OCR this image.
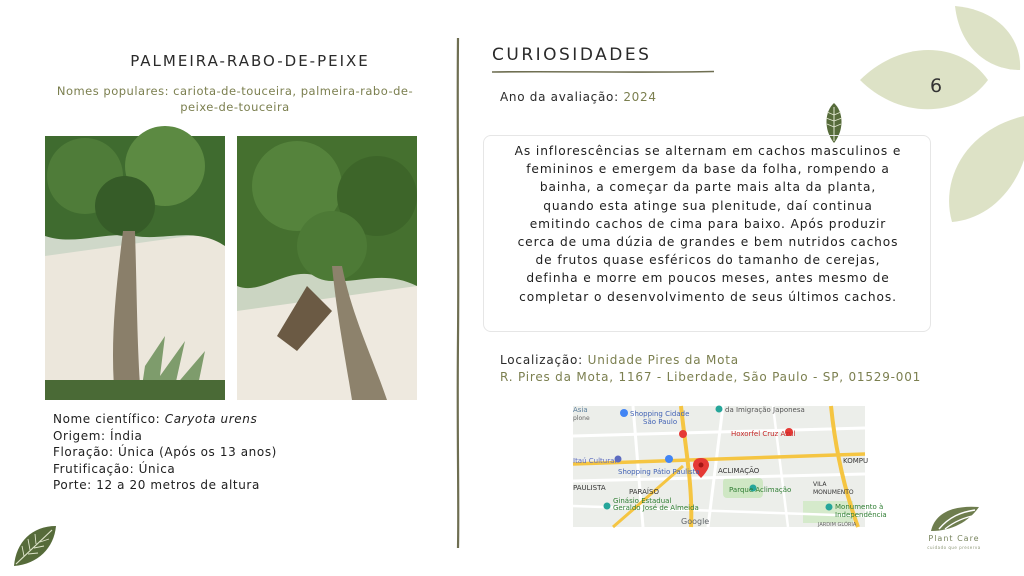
6
PALMEIRA-RABO-DE-PEIXE
Nomes populares: cariota-de-touceira, palmeira-rabo-de-peixe-de-touceira
Nome científico: Caryota urens
Origem: Índia
Floração: Única (Após os 13 anos)
Frutificação: Única
Porte: 12 a 20 metros de altura
CURIOSIDADES
Ano da avaliação: 2024

As inflorescências se alternam em cachos masculinos e femininos e emergem da base da folha, rompendo a bainha, a começar da parte mais alta da planta, quando esta atinge sua plenitude, daí continua emitindo cachos de cima para baixo. Após produzir cerca de uma dúzia de grandes e bem nutridos cachos de frutos quase esféricos do tamanho de cerejas, definha e morre em poucos meses, antes mesmo de completar o desenvolvimento de seus últimos cachos.

Localização: Unidade Pires da Mota
R. Pires da Mota, 1167 - Liberdade, São Paulo - SP, 01529-001
Asia	Shopping Cidade
São Paulo
da Imigração Japonesa
Hoxorfel Cruz Azul
plone
Itaú Cultural
Shopping Pátio Paulista	ACLIMAÇÃO
KOMPU
PAULISTA	PARAÍSO	Parque Aclimação
VILA
MONUMENTO
Ginásio Estadual
Geraldo José de Almeida	Monumento à
Independência
JARDIM GLÓRIA
Google
Plant Care
cuidado que preserva
